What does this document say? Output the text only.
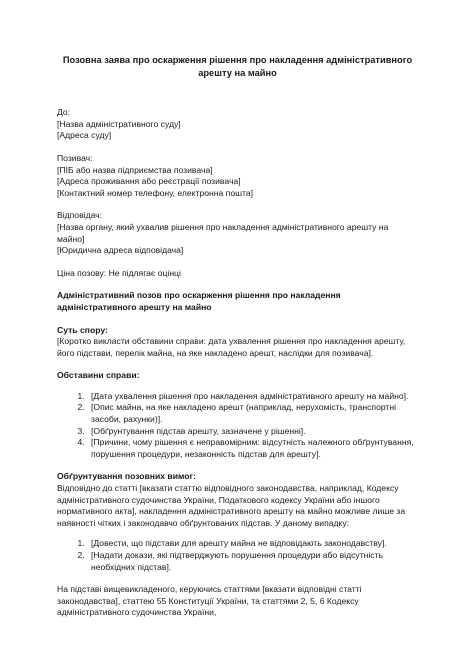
Позовна заява про оскарження рішення про накладення адміністративного арешту на майно

До:

[Назва адміністративного суду]

[Адреса суду]

Позивач:

[ПІБ або назва підприємства позивача]

[Адреса проживання або реєстрації позивача]

[Контактний номер телефону, електронна пошта]

Відповідач:

[Назва органу, який ухвалив рішення про накладення адміністративного арешту на майно]

[Юридична адреса відповідача]

Ціна позову: Не підлягає оцінці

Адміністративний позов про оскарження рішення про накладення адміністративного арешту на майно

Суть спору:

[Коротко викласти обставини справи: дата ухвалення рішення про накладення арешту, його підстави, перелік майна, на яке накладено арешт, наслідки для позивача].

Обставини справи:

1. [Дата ухвалення рішення про накладення адміністративного арешту на майно].
2. [Опис майна, на яке накладено арешт (наприклад, нерухомість, транспортні засоби, рахунки)].
3. [Обґрунтування підстав арешту, зазначене у рішенні].
4. [Причини, чому рішення є неправомірним: відсутність належного обґрунтування, порушення процедури, незаконність підстав для арешту].

Обґрунтування позовних вимог:

Відповідно до статті [вказати статтю відповідного законодавства, наприклад, Кодексу адміністративного судочинства України, Податкового кодексу України або іншого нормативного акта], накладення адміністративного арешту на майно можливе лише за наявності чітких і законодавчо обґрунтованих підстав. У даному випадку:

1. [Довести, що підстави для арешту майна не відповідають законодавству].
2. [Надати докази, які підтверджують порушення процедури або відсутність необхідних підстав].

На підставі вищевикладеного, керуючись статтями [вказати відповідні статті законодавства], статтею 55 Конституції України, та статтями 2, 5, 6 Кодексу адміністративного судочинства України,
